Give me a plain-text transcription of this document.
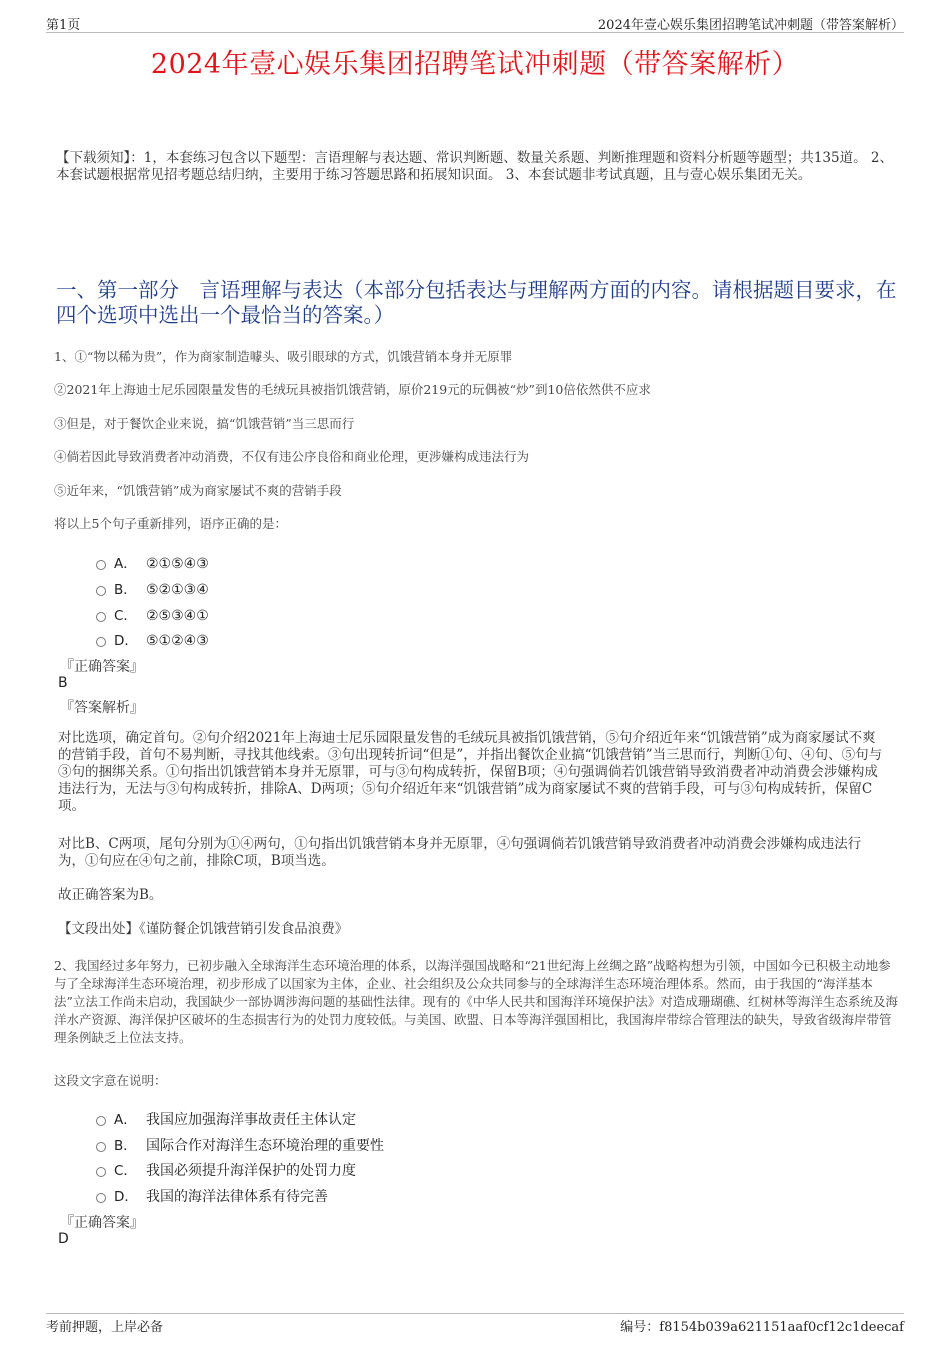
第1页	2024年壹心娱乐集团招聘笔试冲刺题（带答案解析）
2024年壹心娱乐集团招聘笔试冲刺题（带答案解析）
【下载须知】：1，本套练习包含以下题型：言语理解与表达题、常识判断题、数量关系题、判断推理题和资料分析题等题型；共135道。 2、本套试题根据常见招考题总结归纳，主要用于练习答题思路和拓展知识面。 3、本套试题非考试真题，且与壹心娱乐集团无关。
一、第一部分　言语理解与表达（本部分包括表达与理解两方面的内容。请根据题目要求，在四个选项中选出一个最恰当的答案。）
1、①“物以稀为贵”，作为商家制造噱头、吸引眼球的方式，饥饿营销本身并无原罪
②2021年上海迪士尼乐园限量发售的毛绒玩具被指饥饿营销，原价219元的玩偶被“炒”到10倍依然供不应求
③但是，对于餐饮企业来说，搞“饥饿营销”当三思而行
④倘若因此导致消费者冲动消费，不仅有违公序良俗和商业伦理，更涉嫌构成违法行为
⑤近年来，“饥饿营销”成为商家屡试不爽的营销手段
将以上5个句子重新排列，语序正确的是：
A． ②①⑤④③
B． ⑤②①③④
C． ②⑤③④①
D． ⑤①②④③
『正确答案』
B
『答案解析』
对比选项，确定首句。②句介绍2021年上海迪士尼乐园限量发售的毛绒玩具被指饥饿营销，⑤句介绍近年来“饥饿营销”成为商家屡试不爽的营销手段，首句不易判断，寻找其他线索。③句出现转折词“但是”，并指出餐饮企业搞“饥饿营销”当三思而行，判断①句、④句、⑤句与③句的捆绑关系。①句指出饥饿营销本身并无原罪，可与③句构成转折，保留B项；④句强调倘若饥饿营销导致消费者冲动消费会涉嫌构成违法行为，无法与③句构成转折，排除A、D两项；⑤句介绍近年来“饥饿营销”成为商家屡试不爽的营销手段，可与③句构成转折，保留C项。
对比B、C两项，尾句分别为①④两句，①句指出饥饿营销本身并无原罪，④句强调倘若饥饿营销导致消费者冲动消费会涉嫌构成违法行为，①句应在④句之前，排除C项，B项当选。
故正确答案为B。
【文段出处】《谨防餐企饥饿营销引发食品浪费》
2、我国经过多年努力，已初步融入全球海洋生态环境治理的体系，以海洋强国战略和“21世纪海上丝绸之路”战略构想为引领，中国如今已积极主动地参与了全球海洋生态环境治理，初步形成了以国家为主体，企业、社会组织及公众共同参与的全球海洋生态环境治理体系。然而，由于我国的“海洋基本法”立法工作尚未启动，我国缺少一部协调涉海问题的基础性法律。现有的《中华人民共和国海洋环境保护法》对造成珊瑚礁、红树林等海洋生态系统及海洋水产资源、海洋保护区破坏的生态损害行为的处罚力度较低。与美国、欧盟、日本等海洋强国相比，我国海岸带综合管理法的缺失，导致省级海岸带管理条例缺乏上位法支持。
这段文字意在说明：
A． 我国应加强海洋事故责任主体认定
B． 国际合作对海洋生态环境治理的重要性
C． 我国必须提升海洋保护的处罚力度
D． 我国的海洋法律体系有待完善
『正确答案』
D
考前押题，上岸必备	编号：f8154b039a621151aaf0cf12c1deecaf
